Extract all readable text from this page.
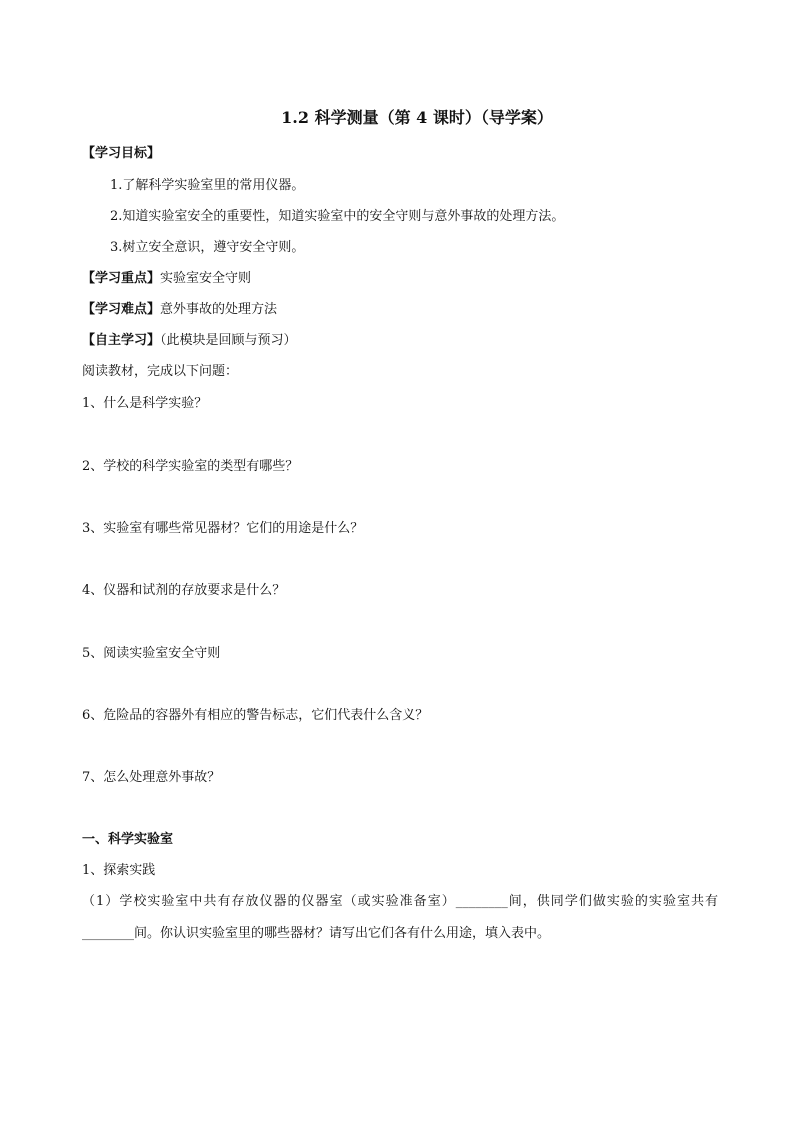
1.2 科学测量（第 4 课时）（导学案）
【学习目标】
1.了解科学实验室里的常用仪器。
2.知道实验室安全的重要性，知道实验室中的安全守则与意外事故的处理方法。
3.树立安全意识，遵守安全守则。
【学习重点】实验室安全守则
【学习难点】意外事故的处理方法
【自主学习】（此模块是回顾与预习）
阅读教材，完成以下问题：
1、什么是科学实验？
2、学校的科学实验室的类型有哪些？
3、实验室有哪些常见器材？它们的用途是什么？
4、仪器和试剂的存放要求是什么？
5、阅读实验室安全守则
6、危险品的容器外有相应的警告标志，它们代表什么含义？
7、怎么处理意外事故？
一、科学实验室
1、探索实践
（1）学校实验室中共有存放仪器的仪器室（或实验准备室）________间，供同学们做实验的实验室共有________间。你认识实验室里的哪些器材？请写出它们各有什么用途，填入表中。
